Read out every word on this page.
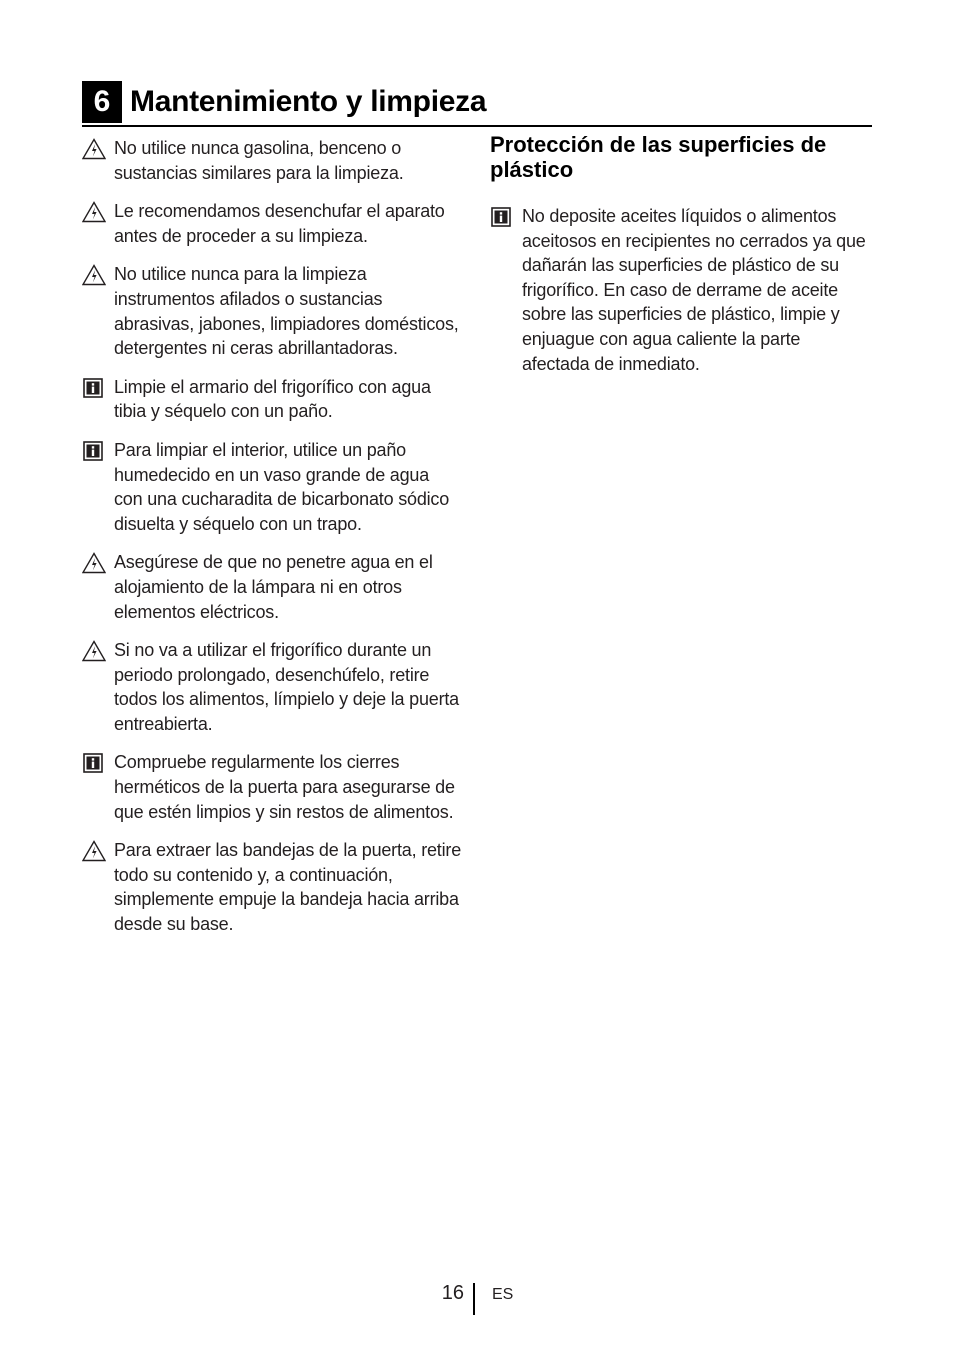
6 Mantenimiento y limpieza
No utilice nunca gasolina, benceno o sustancias similares para la limpieza.
Le recomendamos desenchufar el aparato antes de proceder a su limpieza.
No utilice nunca para la limpieza instrumentos afilados o sustancias abrasivas, jabones, limpiadores domésticos, detergentes ni ceras abrillantadoras.
Limpie el armario del frigorífico con agua tibia y séquelo con un paño.
Para limpiar el interior, utilice un paño humedecido en un vaso grande de agua con una cucharadita de bicarbonato sódico disuelta y séquelo con un trapo.
Asegúrese de que no penetre agua en el alojamiento de la lámpara ni en otros elementos eléctricos.
Si no va a utilizar el frigorífico durante un periodo prolongado, desenchúfelo, retire todos los alimentos, límpielo y deje la puerta entreabierta.
Compruebe regularmente los cierres herméticos de la puerta para asegurarse de que estén limpios y sin restos de alimentos.
Para extraer las bandejas de la puerta, retire todo su contenido y, a continuación, simplemente empuje la bandeja hacia arriba desde su base.
Protección de las superficies de plástico
No deposite aceites líquidos o alimentos aceitosos en recipientes no cerrados ya que dañarán las superficies de plástico de su frigorífico. En caso de derrame de aceite sobre las superficies de plástico, limpie y enjuague con agua caliente la parte afectada de inmediato.
16 ES
